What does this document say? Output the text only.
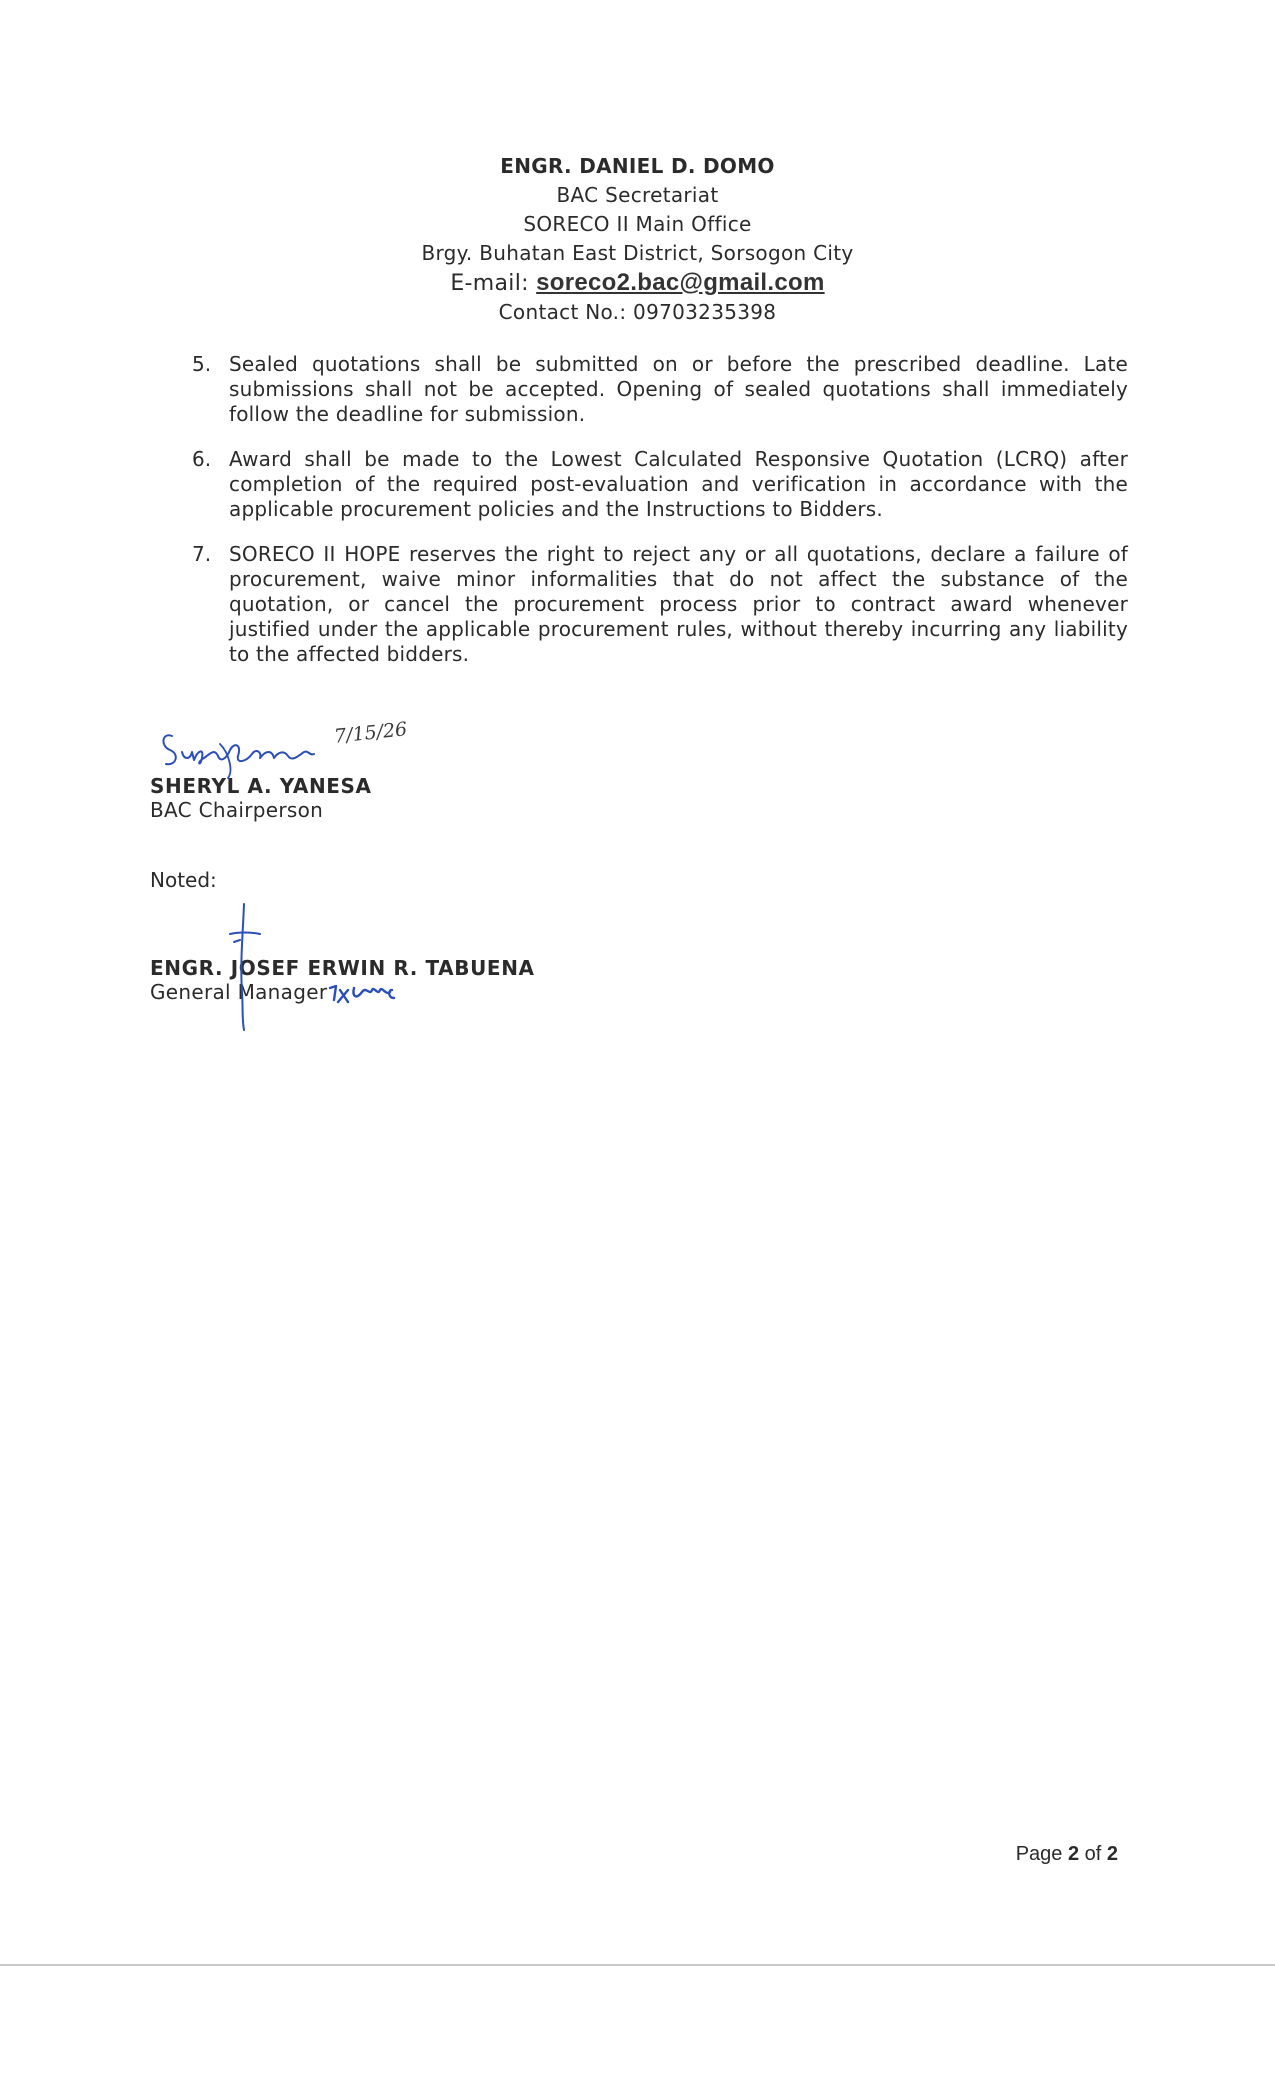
ENGR. DANIEL D. DOMO
BAC Secretariat
SORECO II Main Office
Brgy. Buhatan East District, Sorsogon City
E-mail: soreco2.bac@gmail.com
Contact No.: 09703235398
5. Sealed quotations shall be submitted on or before the prescribed deadline. Late submissions shall not be accepted. Opening of sealed quotations shall immediately follow the deadline for submission.
6. Award shall be made to the Lowest Calculated Responsive Quotation (LCRQ) after completion of the required post-evaluation and verification in accordance with the applicable procurement policies and the Instructions to Bidders.
7. SORECO II HOPE reserves the right to reject any or all quotations, declare a failure of procurement, waive minor informalities that do not affect the substance of the quotation, or cancel the procurement process prior to contract award whenever justified under the applicable procurement rules, without thereby incurring any liability to the affected bidders.
7/15/26
SHERYL A. YANESA
BAC Chairperson
Noted:
ENGR. JOSEF ERWIN R. TABUENA
General Manager
Page 2 of 2
